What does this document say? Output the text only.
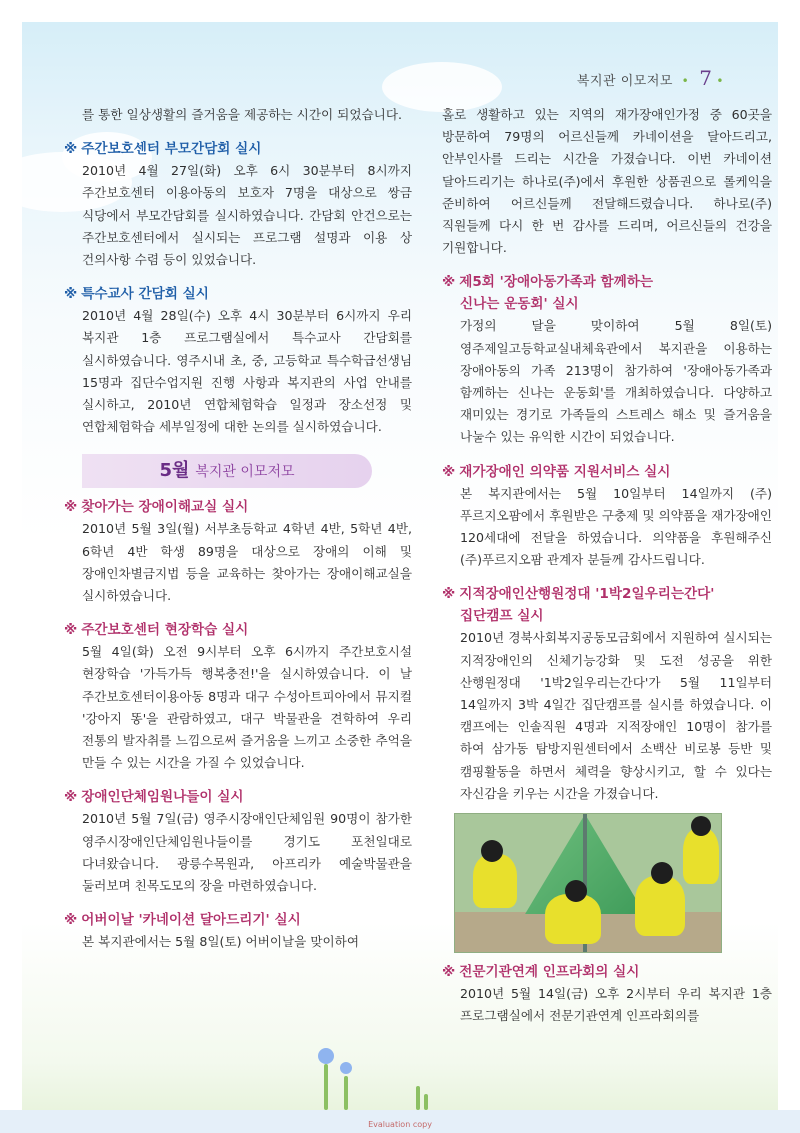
복지관 이모저모 • 7 •

를 통한 일상생활의 즐거움을 제공하는 시간이 되었습니다.

※ 주간보호센터 부모간담회 실시

2010년 4월 27일(화) 오후 6시 30분부터 8시까지 주간보호센터 이용아동의 보호자 7명을 대상으로 쌍금 식당에서 부모간담회를 실시하였습니다. 간담회 안건으로는 주간보호센터에서 실시되는 프로그램 설명과 이용 상 건의사항 수렴 등이 있었습니다.

※ 특수교사 간담회 실시

2010년 4월 28일(수) 오후 4시 30분부터 6시까지 우리 복지관 1층 프로그램실에서 특수교사 간담회를 실시하였습니다. 영주시내 초, 중, 고등학교 특수학급선생님 15명과 집단수업지원 진행 사항과 복지관의 사업 안내를 실시하고, 2010년 연합체험학습 일정과 장소선정 및 연합체험학습 세부일정에 대한 논의를 실시하였습니다.

5월 복지관 이모저모

※ 찾아가는 장애이해교실 실시

2010년 5월 3일(월) 서부초등학교 4학년 4반, 5학년 4반, 6학년 4반 학생 89명을 대상으로 장애의 이해 및 장애인차별금지법 등을 교육하는 찾아가는 장애이해교실을 실시하였습니다.

※ 주간보호센터 현장학습 실시

5월 4일(화) 오전 9시부터 오후 6시까지 주간보호시설 현장학습 '가득가득 행복충전!'을 실시하였습니다. 이 날 주간보호센터이용아동 8명과 대구 수성아트피아에서 뮤지컬 '강아지 똥'을 관람하였고, 대구 박물관을 견학하여 우리 전통의 발자취를 느낌으로써 즐거움을 느끼고 소중한 추억을 만들 수 있는 시간을 가질 수 있었습니다.

※ 장애인단체임원나들이 실시

2010년 5월 7일(금) 영주시장애인단체임원 90명이 참가한 영주시장애인단체임원나들이를 경기도 포천일대로 다녀왔습니다. 광릉수목원과, 아프리카 예술박물관을 둘러보며 친목도모의 장을 마련하였습니다.

※ 어버이날 '카네이션 달아드리기' 실시

본 복지관에서는 5월 8일(토) 어버이날을 맞이하여

홀로 생활하고 있는 지역의 재가장애인가정 중 60곳을 방문하여 79명의 어르신들께 카네이션을 달아드리고, 안부인사를 드리는 시간을 가졌습니다. 이번 카네이션 달아드리기는 하나로(주)에서 후원한 상품권으로 롤케익을 준비하여 어르신들께 전달해드렸습니다. 하나로(주) 직원들께 다시 한 번 감사를 드리며, 어르신들의 건강을 기원합니다.

※ 제5회 '장애아동가족과 함께하는

신나는 운동회' 실시

가정의 달을 맞이하여 5월 8일(토) 영주제일고등학교실내체육관에서 복지관을 이용하는 장애아동의 가족 213명이 참가하여 '장애아동가족과 함께하는 신나는 운동회'를 개최하였습니다. 다양하고 재미있는 경기로 가족들의 스트레스 해소 및 즐거움을 나눌수 있는 유익한 시간이 되었습니다.

※ 재가장애인 의약품 지원서비스 실시

본 복지관에서는 5월 10일부터 14일까지 (주)푸르지오팜에서 후원받은 구충제 및 의약품을 재가장애인 120세대에 전달을 하였습니다. 의약품을 후원해주신 (주)푸르지오팜 관계자 분들께 감사드립니다.

※ 지적장애인산행원정대 '1박2일우리는간다'

집단캠프 실시

2010년 경북사회복지공동모금회에서 지원하여 실시되는 지적장애인의 신체기능강화 및 도전 성공을 위한 산행원정대 '1박2일우리는간다'가 5월 11일부터 14일까지 3박 4일간 집단캠프를 실시를 하였습니다. 이 캠프에는 인솔직원 4명과 지적장애인 10명이 참가를 하여 삼가동 탐방지원센터에서 소백산 비로봉 등반 및 캠핑활동을 하면서 체력을 향상시키고, 할 수 있다는 자신감을 키우는 시간을 가졌습니다.

※ 전문기관연계 인프라회의 실시

2010년 5월 14일(금) 오후 2시부터 우리 복지관 1층 프로그램실에서 전문기관연계 인프라회의를

Evaluation copy
